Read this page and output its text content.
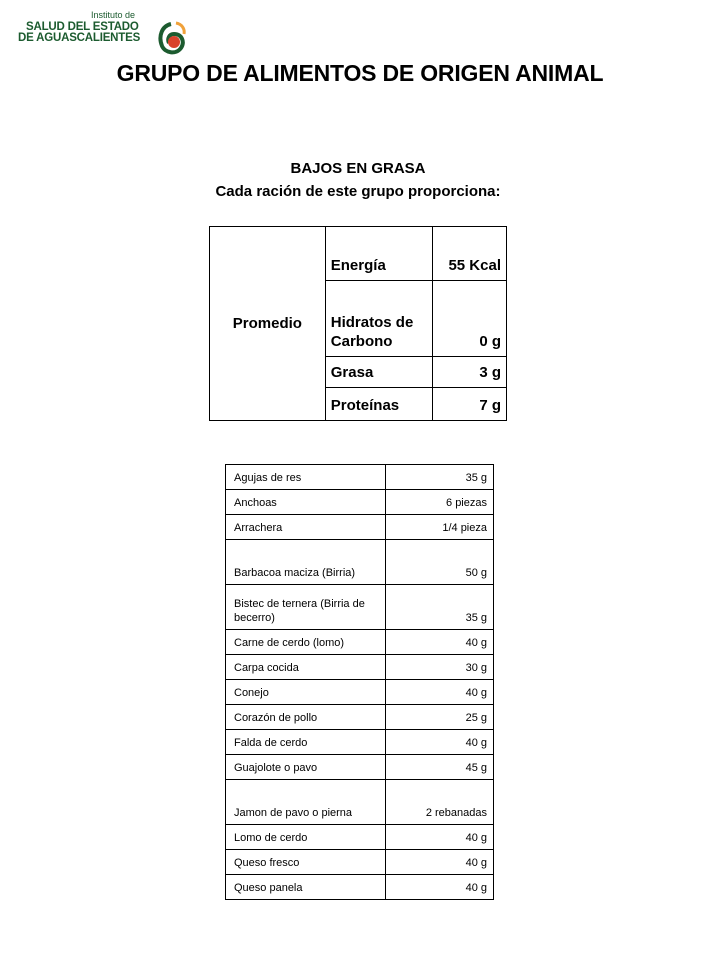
Instituto de
SALUD DEL ESTADO
DE AGUASCALIENTES
GRUPO DE ALIMENTOS DE ORIGEN ANIMAL
BAJOS EN GRASA
Cada ración de este grupo proporciona:
Promedio	Energía	55 Kcal
	Hidratos de Carbono	0 g
	Grasa	3 g
	Proteínas	7 g
Agujas de res	35 g
Anchoas	6 piezas
Arrachera	1/4 pieza
Barbacoa maciza (Birria)	50 g
Bistec de ternera (Birria de becerro)	35 g
Carne de cerdo (lomo)	40 g
Carpa cocida	30 g
Conejo	40 g
Corazón de pollo	25 g
Falda de cerdo	40 g
Guajolote o pavo	45 g
Jamon de pavo o pierna	2 rebanadas
Lomo de cerdo	40 g
Queso fresco	40 g
Queso panela	40 g
